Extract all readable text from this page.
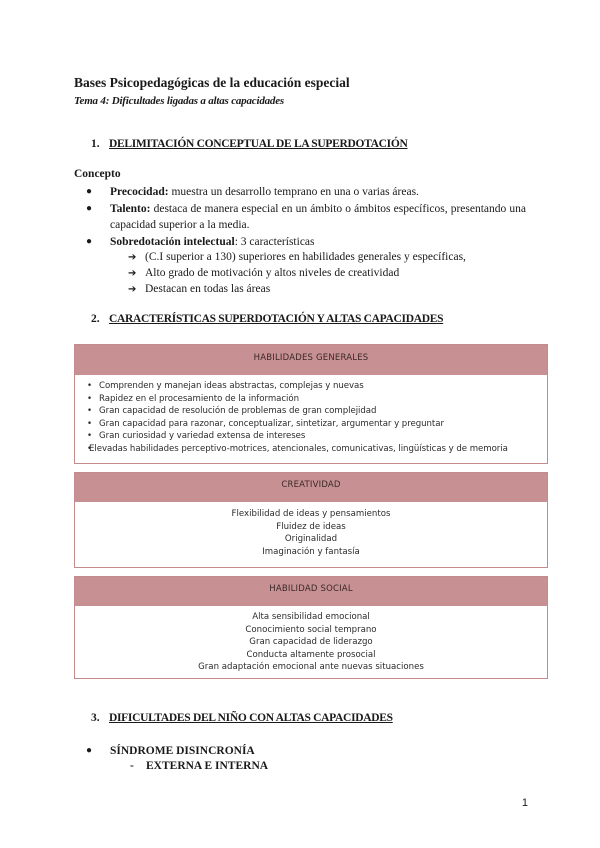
Bases Psicopedagógicas de la educación especial
Tema 4: Dificultades ligadas a altas capacidades
1. DELIMITACIÓN CONCEPTUAL DE LA SUPERDOTACIÓN
Concepto
● Precocidad: muestra un desarrollo temprano en una o varias áreas.
● Talento: destaca de manera especial en un ámbito o ámbitos específicos, presentando una capacidad superior a la media.
● Sobredotación intelectual: 3 características
➔ (C.I superior a 130) superiores en habilidades generales y específicas,
➔ Alto grado de motivación y altos niveles de creatividad
➔ Destacan en todas las áreas
2. CARACTERÍSTICAS SUPERDOTACIÓN Y ALTAS CAPACIDADES
HABILIDADES GENERALES
• Comprenden y manejan ideas abstractas, complejas y nuevas
• Rapidez en el procesamiento de la información
• Gran capacidad de resolución de problemas de gran complejidad
• Gran capacidad para razonar, conceptualizar, sintetizar, argumentar y preguntar
• Gran curiosidad y variedad extensa de intereses
• Elevadas habilidades perceptivo-motrices, atencionales, comunicativas, lingüísticas y de memoria
CREATIVIDAD
Flexibilidad de ideas y pensamientos
Fluidez de ideas
Originalidad
Imaginación y fantasía
HABILIDAD SOCIAL
Alta sensibilidad emocional
Conocimiento social temprano
Gran capacidad de liderazgo
Conducta altamente prosocial
Gran adaptación emocional ante nuevas situaciones
3. DIFICULTADES DEL NIÑO CON ALTAS CAPACIDADES
● SÍNDROME DISINCRONÍA
- EXTERNA E INTERNA
1
